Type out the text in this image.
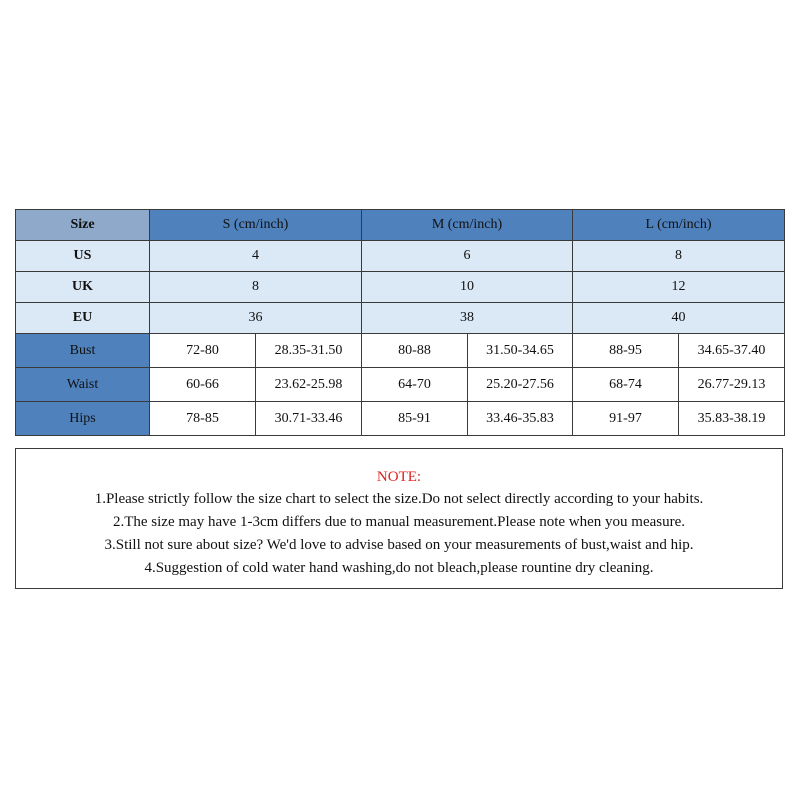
Size	S (cm/inch)		M (cm/inch)		L (cm/inch)	
US	4		6		8	
UK	8		10		12	
EU	36		38		40	
Bust	72-80	28.35-31.50	80-88	31.50-34.65	88-95	34.65-37.40
Waist	60-66	23.62-25.98	64-70	25.20-27.56	68-74	26.77-29.13
Hips	78-85	30.71-33.46	85-91	33.46-35.83	91-97	35.83-38.19
NOTE:
1.Please strictly follow the size chart to select the size.Do not select directly according to your habits.
2.The size may have 1-3cm differs due to manual measurement.Please note when you measure.
3.Still not sure about size? We'd love to advise based on your measurements of bust,waist and hip.
4.Suggestion of cold water hand washing,do not bleach,please rountine dry cleaning.
